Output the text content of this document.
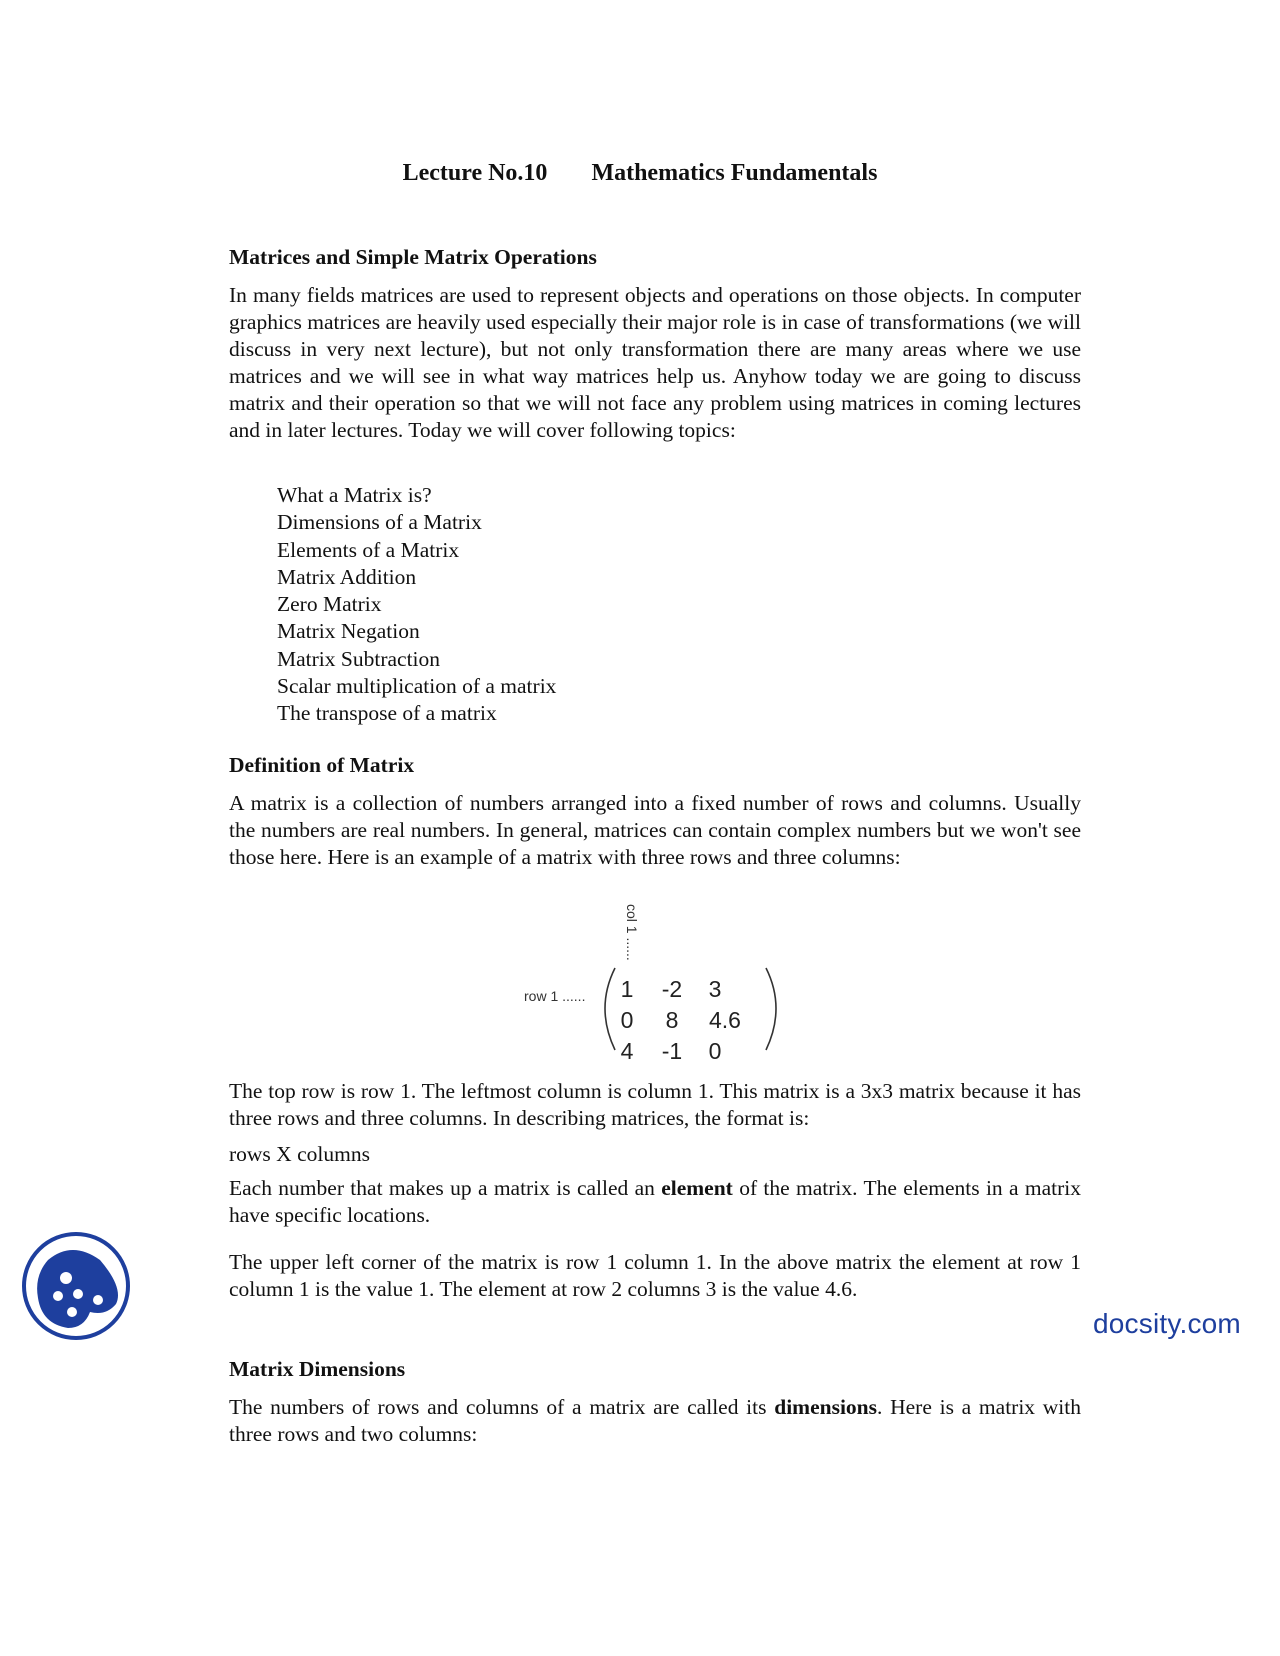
Lecture No.10 Mathematics Fundamentals
Matrices and Simple Matrix Operations
In many fields matrices are used to represent objects and operations on those objects. In computer graphics matrices are heavily used especially their major role is in case of transformations (we will discuss in very next lecture), but not only transformation there are many areas where we use matrices and we will see in what way matrices help us. Anyhow today we are going to discuss matrix and their operation so that we will not face any problem using matrices in coming lectures and in later lectures. Today we will cover following topics:
What a Matrix is?
Dimensions of a Matrix
Elements of a Matrix
Matrix Addition
Zero Matrix
Matrix Negation
Matrix Subtraction
Scalar multiplication of a matrix
The transpose of a matrix
Definition of Matrix
A matrix is a collection of numbers arranged into a fixed number of rows and columns. Usually the numbers are real numbers. In general, matrices can contain complex numbers but we won't see those here. Here is an example of a matrix with three rows and three columns:
row 1 ......
col 1 ......
1	-2	3
0	8	4.6
4	-1	0
The top row is row 1. The leftmost column is column 1. This matrix is a 3x3 matrix because it has three rows and three columns. In describing matrices, the format is:
rows X columns
Each number that makes up a matrix is called an element of the matrix. The elements in a matrix have specific locations.
The upper left corner of the matrix is row 1 column 1. In the above matrix the element at row 1 column 1 is the value 1. The element at row 2 columns 3 is the value 4.6.
Matrix Dimensions
The numbers of rows and columns of a matrix are called its dimensions. Here is a matrix with three rows and two columns:
docsity.com
